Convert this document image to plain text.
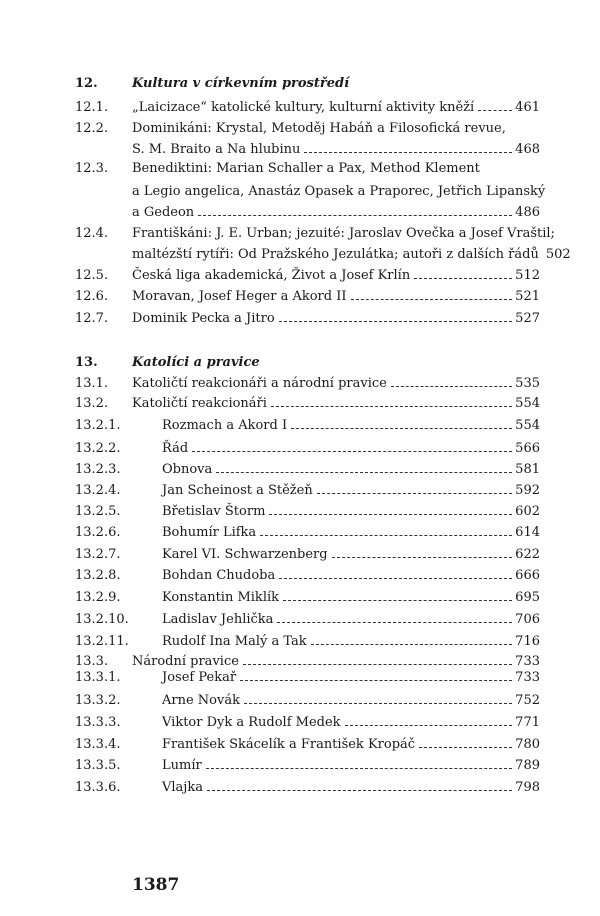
12.	Kultura v církevním prostředí
12.1. „Laicizace“ katolické kultury, kulturní aktivity kněží	461
12.2. Dominikáni: Krystal, Metoděj Habáň a Filosofická revue,
S. M. Braito a Na hlubinu	468
12.3. Benediktini: Marian Schaller a Pax, Method Klement
a Legio angelica, Anastáz Opasek a Praporec, Jetřich Lipanský
a Gedeon	486
12.4. Františkáni: J. E. Urban; jezuité: Jaroslav Ovečka a Josef Vraštil;
maltézští rytíři: Od Pražského Jezulátka; autoři z dalších řádů 502
12.5. Česká liga akademická, Život a Josef Krlín	512
12.6. Moravan, Josef Heger a Akord II	521
12.7. Dominik Pecka a Jitro	527
13.	Katolíci a pravice
13.1. Katoličtí reakcionáři a národní pravice	535
13.2. Katoličtí reakcionáři	554
13.2.1.	Rozmach a Akord I	554
13.2.2.	Řád	566
13.2.3.	Obnova	581
13.2.4.	Jan Scheinost a Stěžeň	592
13.2.5.	Břetislav Štorm	602
13.2.6.	Bohumír Lifka	614
13.2.7.	Karel VI. Schwarzenberg	622
13.2.8.	Bohdan Chudoba	666
13.2.9.	Konstantin Miklík	695
13.2.10.	Ladislav Jehlička	706
13.2.11.	Rudolf Ina Malý a Tak	716
13.3. Národní pravice	733
13.3.1.	Josef Pekař	733
13.3.2.	Arne Novák	752
13.3.3.	Viktor Dyk a Rudolf Medek	771
13.3.4.	František Skácelík a František Kropáč	780
13.3.5.	Lumír	789
13.3.6.	Vlajka	798
1387
